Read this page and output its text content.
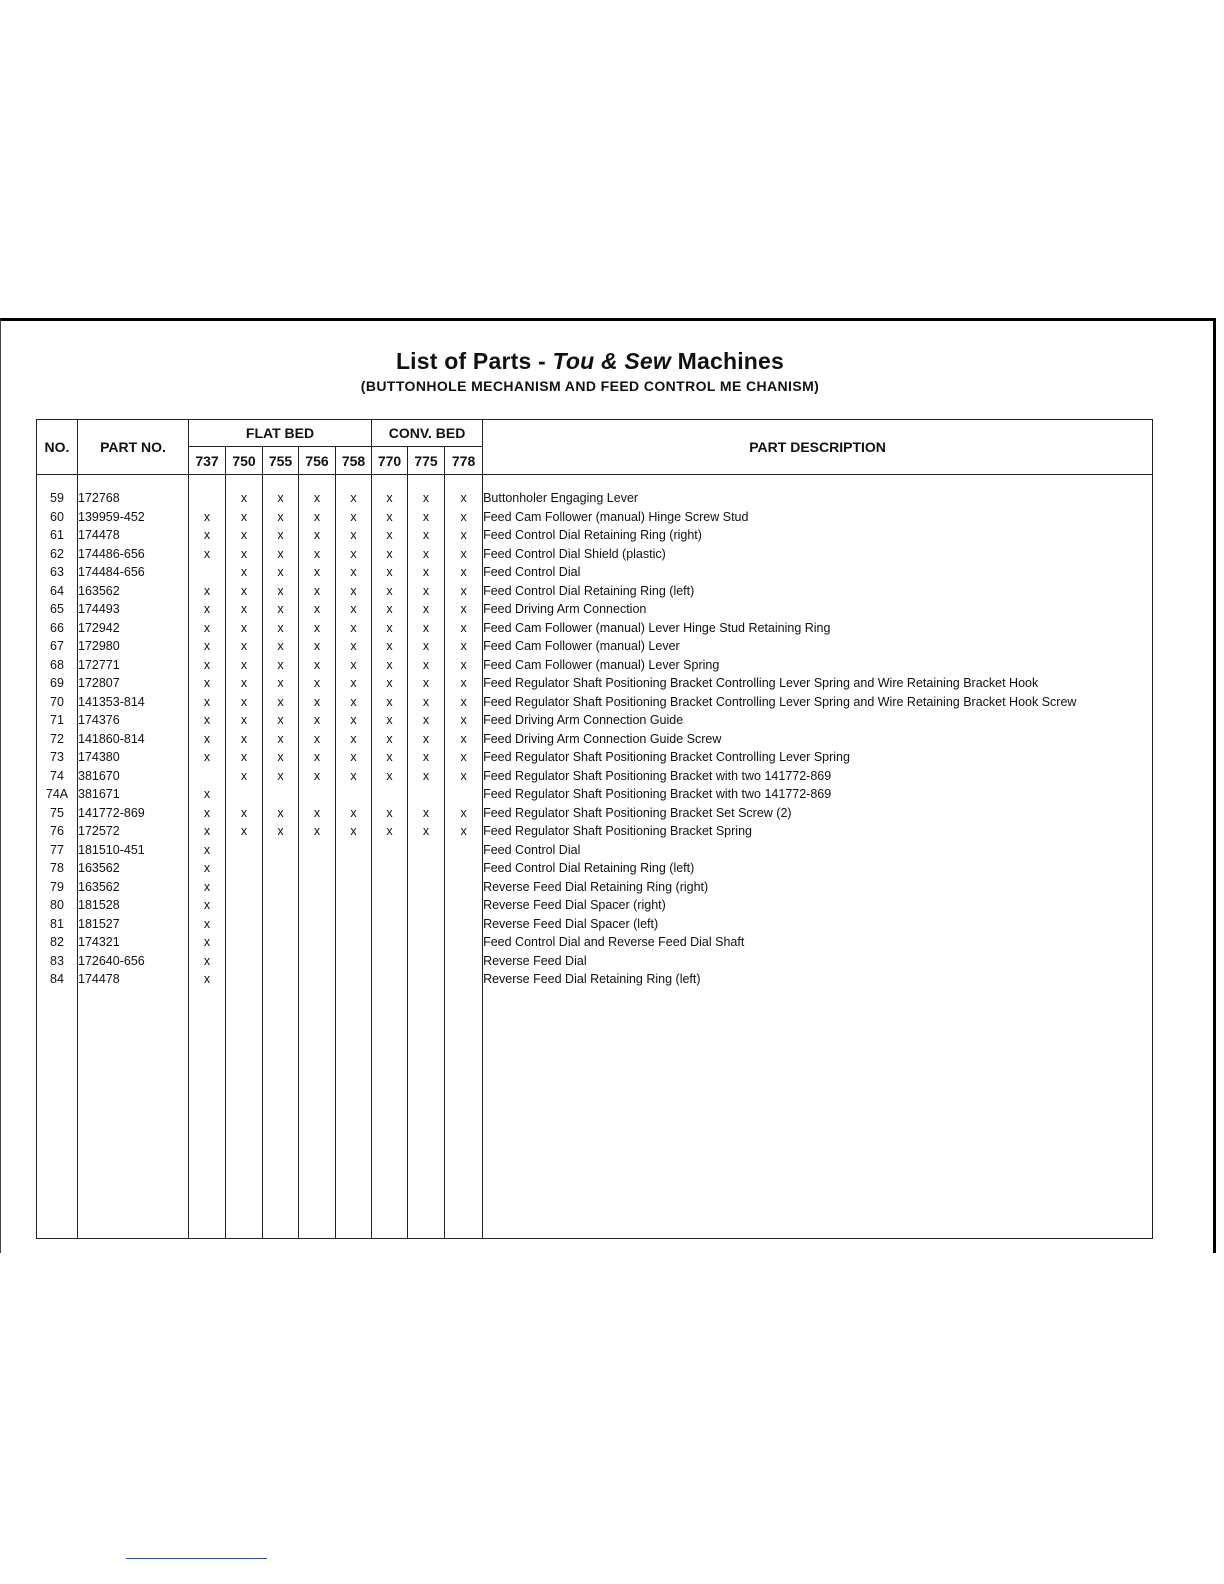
List of Parts - Tou & Sew Machines
(BUTTONHOLE MECHANISM AND FEED CONTROL ME CHANISM)
NO.	PART NO.	FLAT BED					CONV. BED			PART DESCRIPTION
		737	750	755	756	758	770	775	778	

59	172768		x	x	x	x	x	x	x	Buttonholer Engaging Lever
60	139959-452	x	x	x	x	x	x	x	x	Feed Cam Follower (manual) Hinge Screw Stud
61	174478	x	x	x	x	x	x	x	x	Feed Control Dial Retaining Ring (right)
62	174486-656	x	x	x	x	x	x	x	x	Feed Control Dial Shield (plastic)
63	174484-656		x	x	x	x	x	x	x	Feed Control Dial
64	163562	x	x	x	x	x	x	x	x	Feed Control Dial Retaining Ring (left)
65	174493	x	x	x	x	x	x	x	x	Feed Driving Arm Connection
66	172942	x	x	x	x	x	x	x	x	Feed Cam Follower (manual) Lever Hinge Stud Retaining Ring
67	172980	x	x	x	x	x	x	x	x	Feed Cam Follower (manual) Lever
68	172771	x	x	x	x	x	x	x	x	Feed Cam Follower (manual) Lever Spring
69	172807	x	x	x	x	x	x	x	x	Feed Regulator Shaft Positioning Bracket Controlling Lever Spring and Wire Retaining Bracket Hook
70	141353-814	x	x	x	x	x	x	x	x	Feed Regulator Shaft Positioning Bracket Controlling Lever Spring and Wire Retaining Bracket Hook Screw
71	174376	x	x	x	x	x	x	x	x	Feed Driving Arm Connection Guide
72	141860-814	x	x	x	x	x	x	x	x	Feed Driving Arm Connection Guide Screw
73	174380	x	x	x	x	x	x	x	x	Feed Regulator Shaft Positioning Bracket Controlling Lever Spring
74	381670		x	x	x	x	x	x	x	Feed Regulator Shaft Positioning Bracket with two 141772-869
74A	381671	x								Feed Regulator Shaft Positioning Bracket with two 141772-869
75	141772-869	x	x	x	x	x	x	x	x	Feed Regulator Shaft Positioning Bracket Set Screw (2)
76	172572	x	x	x	x	x	x	x	x	Feed Regulator Shaft Positioning Bracket Spring
77	181510-451	x								Feed Control Dial
78	163562	x								Feed Control Dial Retaining Ring (left)
79	163562	x								Reverse Feed Dial Retaining Ring (right)
80	181528	x								Reverse Feed Dial Spacer (right)
81	181527	x								Reverse Feed Dial Spacer (left)
82	174321	x								Feed Control Dial and Reverse Feed Dial Shaft
83	172640-656	x								Reverse Feed Dial
84	174478	x								Reverse Feed Dial Retaining Ring (left)
